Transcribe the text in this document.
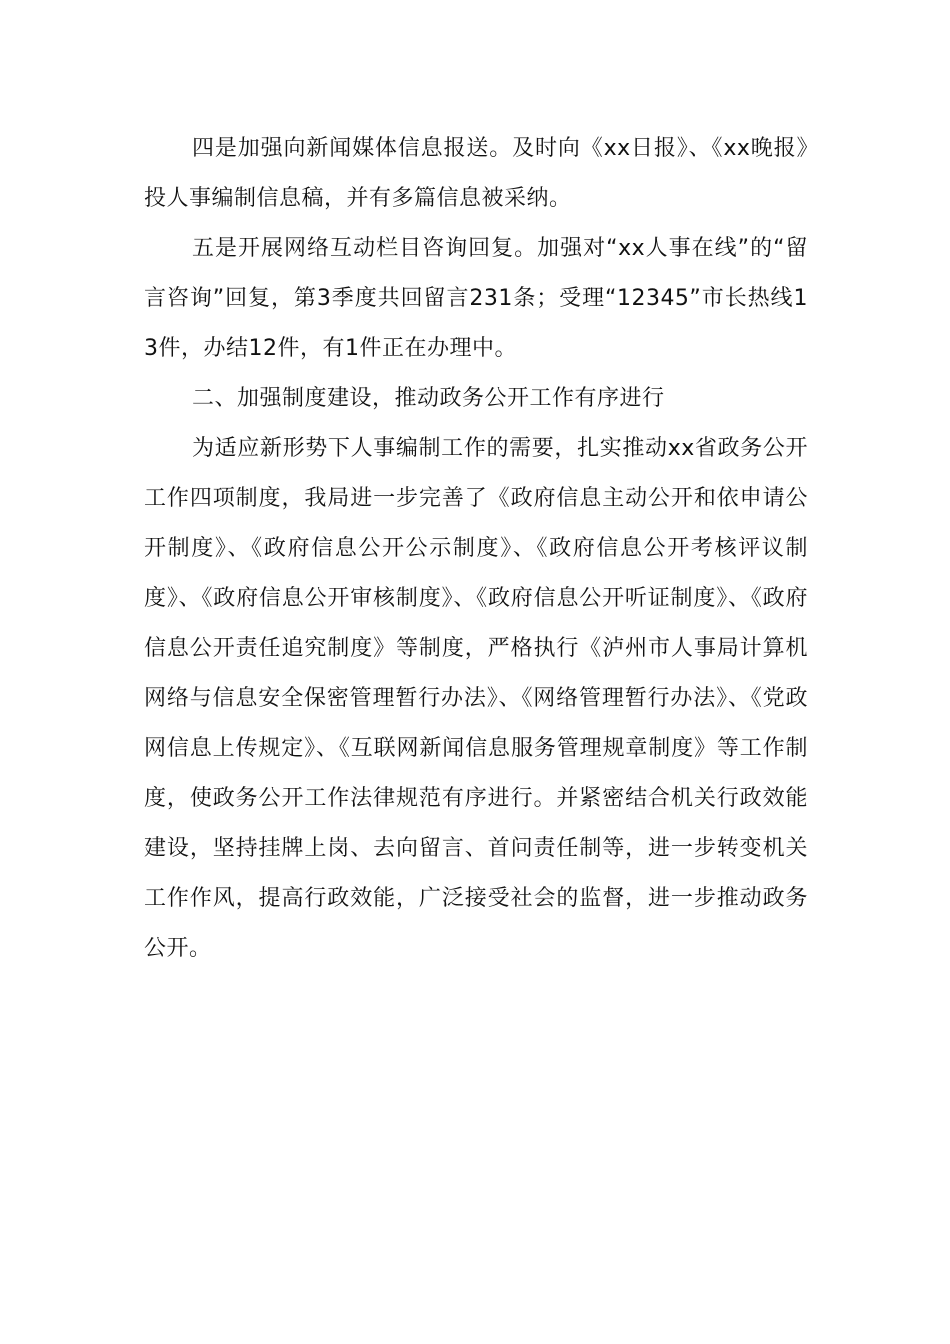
四是加强向新闻媒体信息报送。及时向《xx日报》、《xx晚报》投人事编制信息稿，并有多篇信息被采纳。

五是开展网络互动栏目咨询回复。加强对“xx人事在线”的“留言咨询”回复，第3季度共回留言231条；受理“12345”市长热线13件，办结12件，有1件正在办理中。

二、加强制度建设，推动政务公开工作有序进行

为适应新形势下人事编制工作的需要，扎实推动xx省政务公开工作四项制度，我局进一步完善了《政府信息主动公开和依申请公开制度》、《政府信息公开公示制度》、《政府信息公开考核评议制度》、《政府信息公开审核制度》、《政府信息公开听证制度》、《政府信息公开责任追究制度》等制度，严格执行《泸州市人事局计算机网络与信息安全保密管理暂行办法》、《网络管理暂行办法》、《党政网信息上传规定》、《互联网新闻信息服务管理规章制度》等工作制度，使政务公开工作法律规范有序进行。并紧密结合机关行政效能建设，坚持挂牌上岗、去向留言、首问责任制等，进一步转变机关工作作风，提高行政效能，广泛接受社会的监督，进一步推动政务公开。
